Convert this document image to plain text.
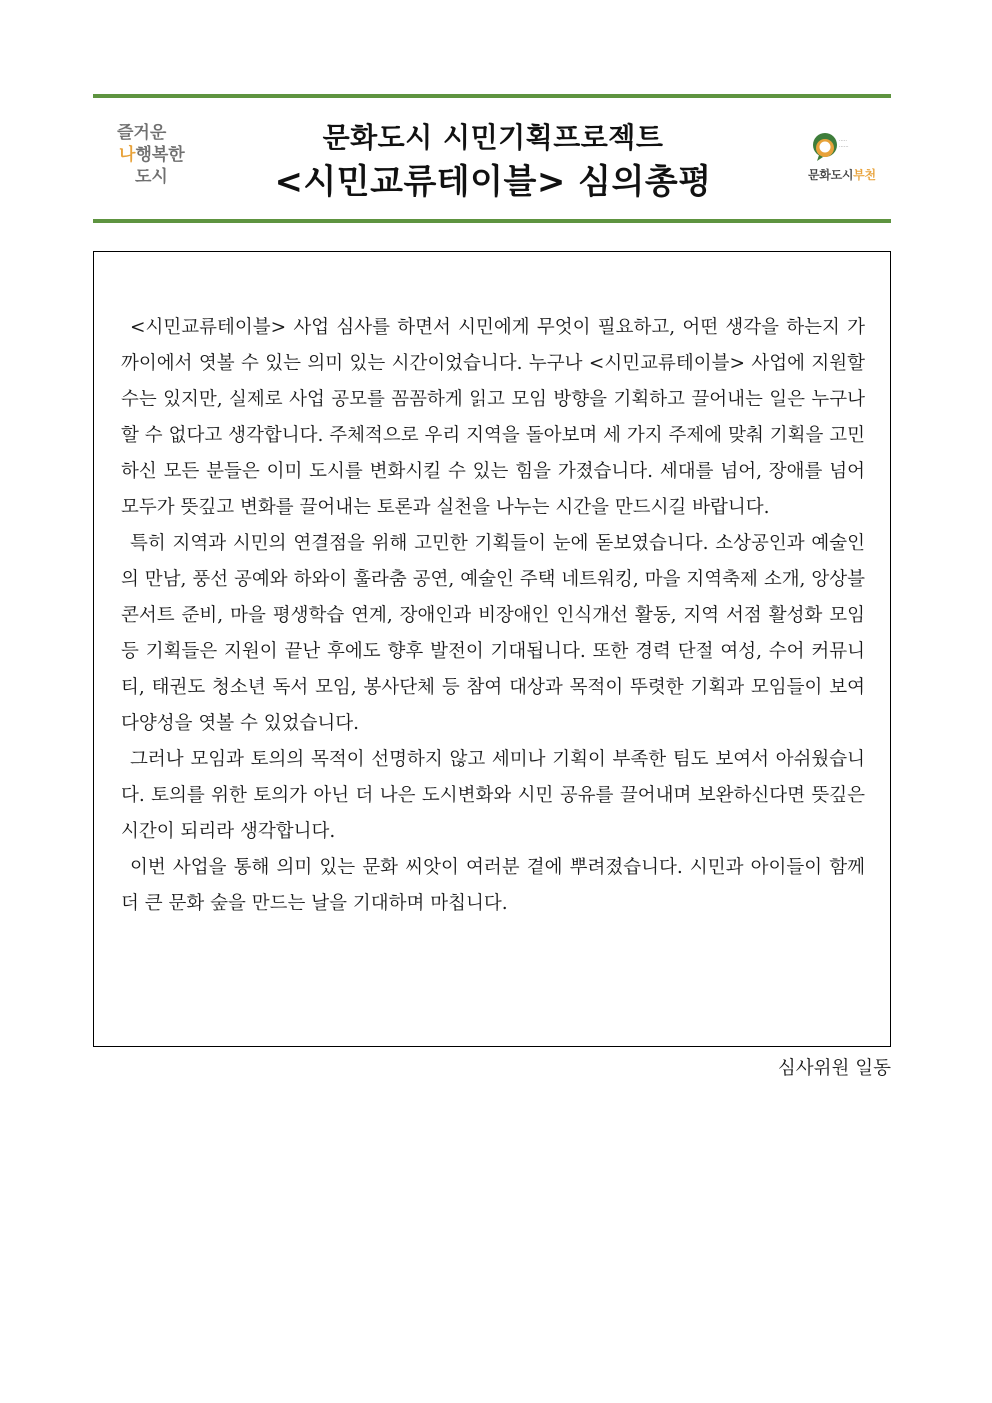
즐거운
나행복한
도시
문화도시 시민기획프로젝트
<시민교류테이블> 심의총평
·····
······
문화도시부천

<시민교류테이블> 사업 심사를 하면서 시민에게 무엇이 필요하고, 어떤 생각을 하는지 가까이에서 엿볼 수 있는 의미 있는 시간이었습니다. 누구나 <시민교류테이블> 사업에 지원할 수는 있지만, 실제로 사업 공모를 꼼꼼하게 읽고 모임 방향을 기획하고 끌어내는 일은 누구나 할 수 없다고 생각합니다. 주체적으로 우리 지역을 돌아보며 세 가지 주제에 맞춰 기획을 고민하신 모든 분들은 이미 도시를 변화시킬 수 있는 힘을 가졌습니다. 세대를 넘어, 장애를 넘어 모두가 뜻깊고 변화를 끌어내는 토론과 실천을 나누는 시간을 만드시길 바랍니다.

특히 지역과 시민의 연결점을 위해 고민한 기획들이 눈에 돋보였습니다. 소상공인과 예술인의 만남, 풍선 공예와 하와이 훌라춤 공연, 예술인 주택 네트워킹, 마을 지역축제 소개, 앙상블 콘서트 준비, 마을 평생학습 연계, 장애인과 비장애인 인식개선 활동, 지역 서점 활성화 모임 등 기획들은 지원이 끝난 후에도 향후 발전이 기대됩니다. 또한 경력 단절 여성, 수어 커뮤니티, 태권도 청소년 독서 모임, 봉사단체 등 참여 대상과 목적이 뚜렷한 기획과 모임들이 보여 다양성을 엿볼 수 있었습니다.

그러나 모임과 토의의 목적이 선명하지 않고 세미나 기획이 부족한 팀도 보여서 아쉬웠습니다. 토의를 위한 토의가 아닌 더 나은 도시변화와 시민 공유를 끌어내며 보완하신다면 뜻깊은 시간이 되리라 생각합니다.

이번 사업을 통해 의미 있는 문화 씨앗이 여러분 곁에 뿌려졌습니다. 시민과 아이들이 함께 더 큰 문화 숲을 만드는 날을 기대하며 마칩니다.

심사위원 일동
